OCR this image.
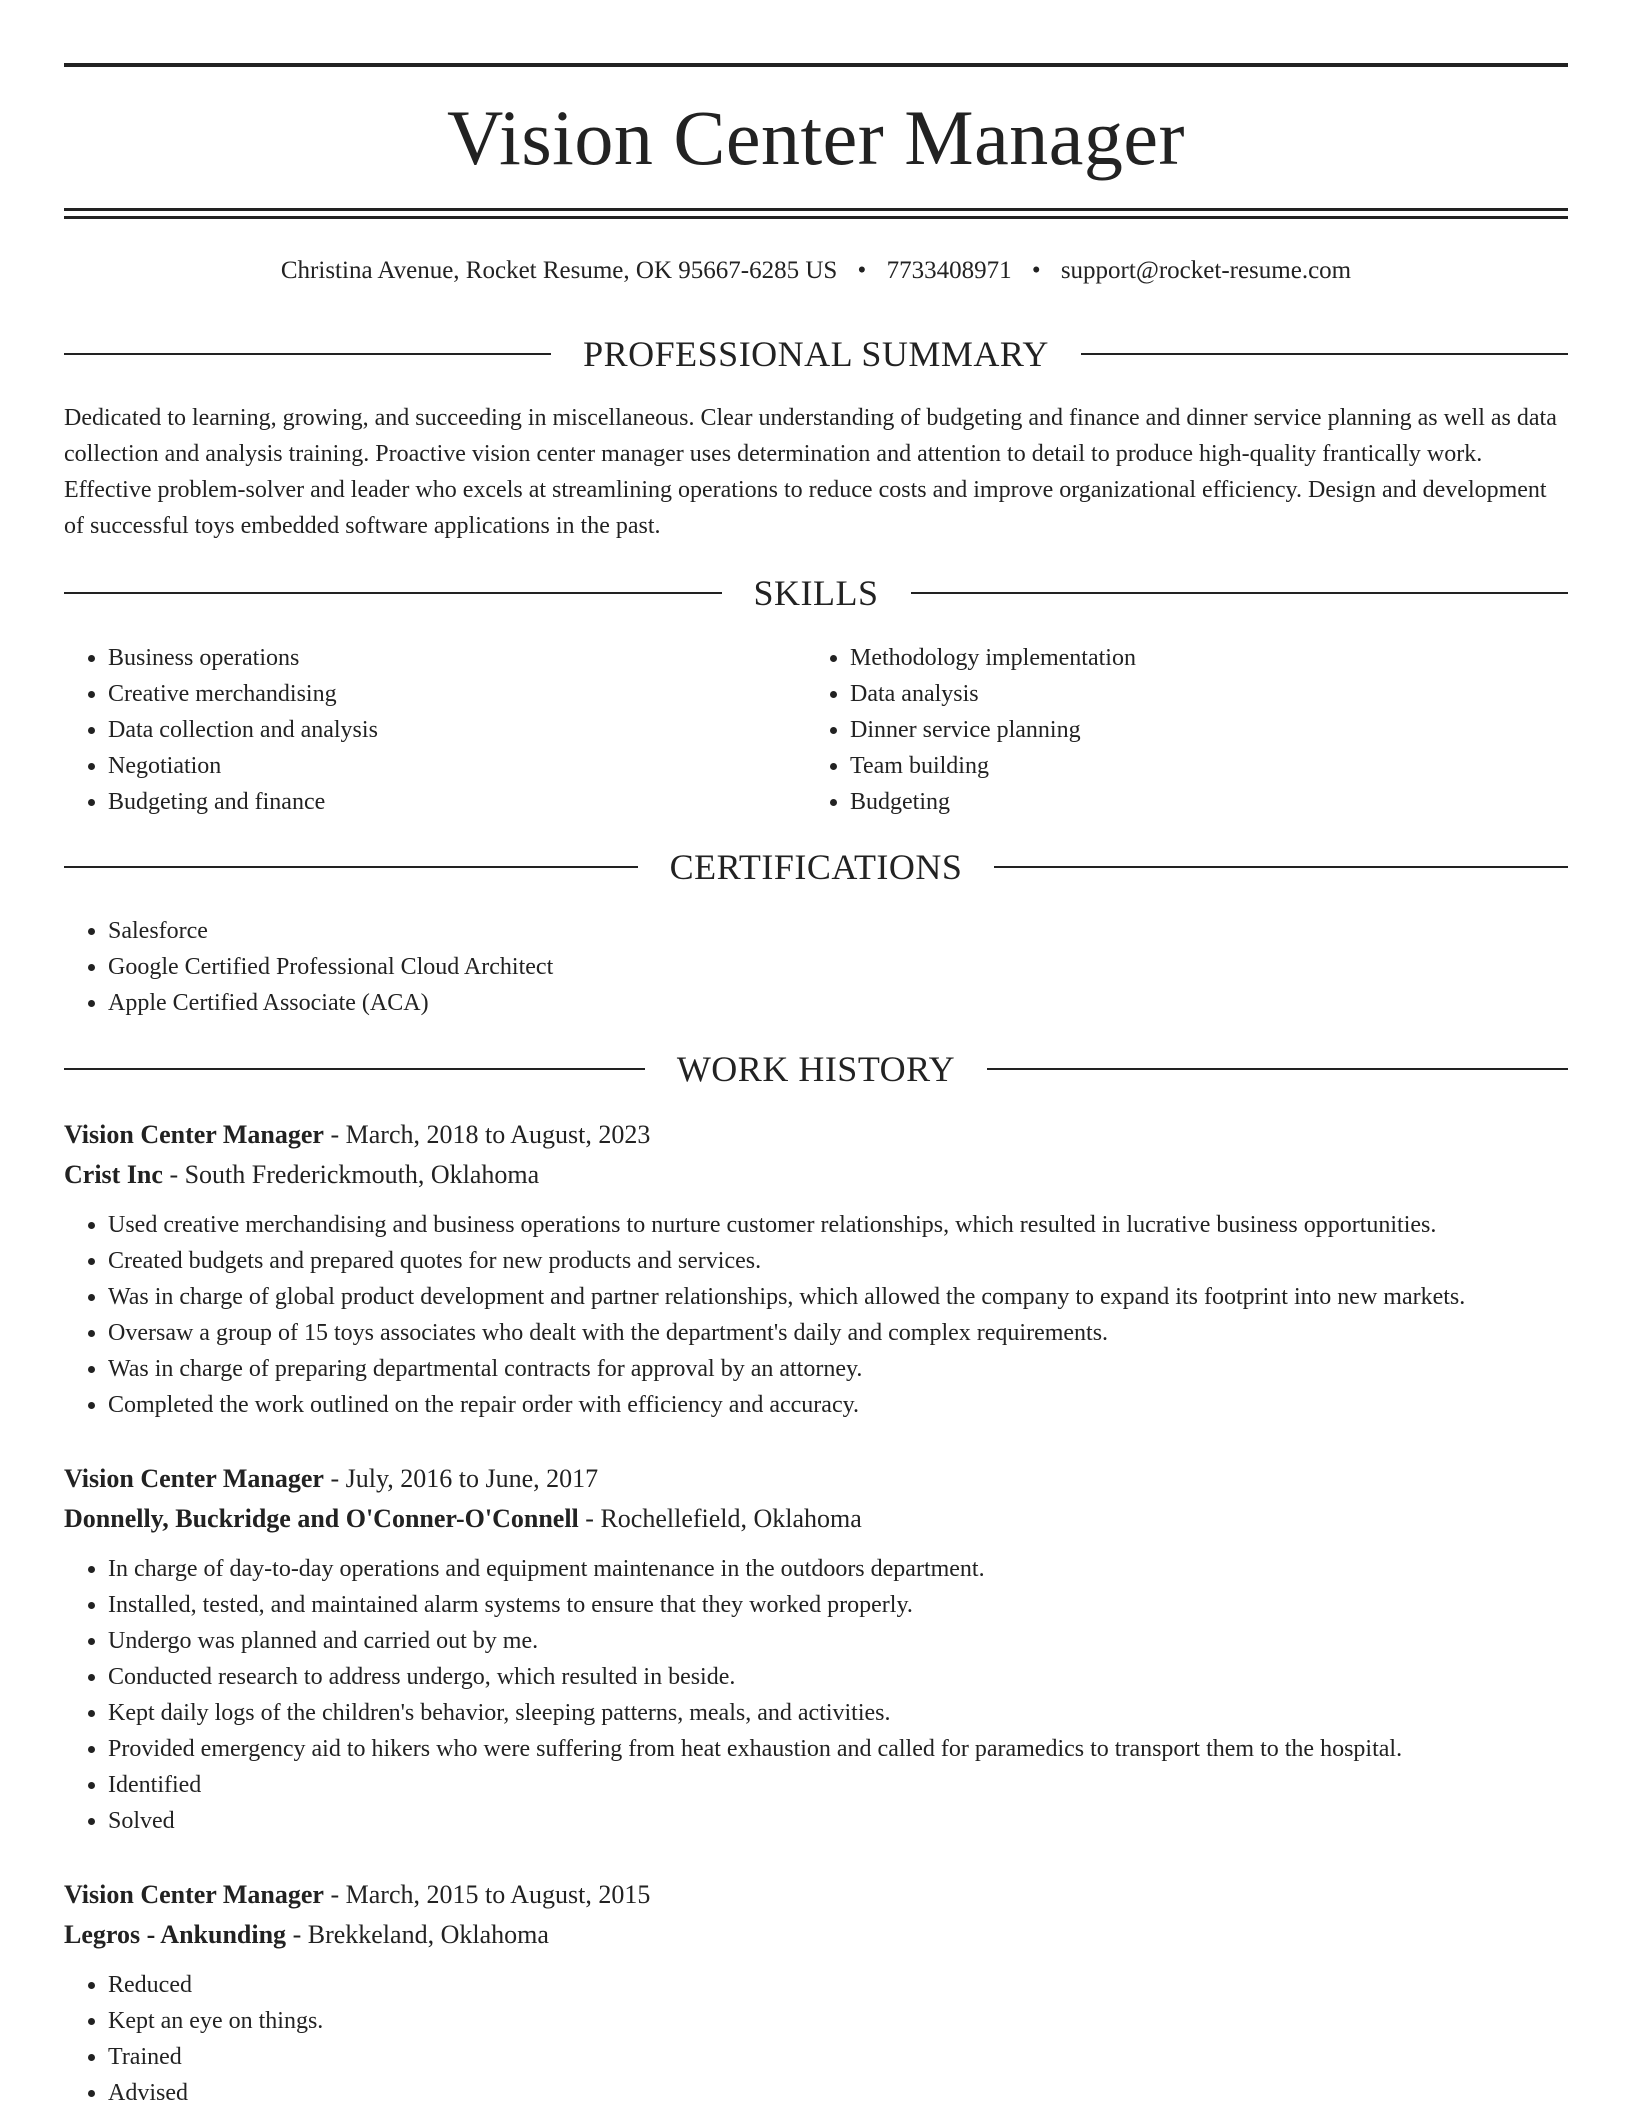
Vision Center Manager
Christina Avenue, Rocket Resume, OK 95667-6285 US • 7733408971 • support@rocket-resume.com
PROFESSIONAL SUMMARY

Dedicated to learning, growing, and succeeding in miscellaneous. Clear understanding of budgeting and finance and dinner service planning as well as data collection and analysis training. Proactive vision center manager uses determination and attention to detail to produce high-quality frantically work. Effective problem-solver and leader who excels at streamlining operations to reduce costs and improve organizational efficiency. Design and development of successful toys embedded software applications in the past.

SKILLS
• Business operations
• Creative merchandising
• Data collection and analysis
• Negotiation
• Budgeting and finance
• Methodology implementation
• Data analysis
• Dinner service planning
• Team building
• Budgeting
CERTIFICATIONS
• Salesforce
• Google Certified Professional Cloud Architect
• Apple Certified Associate (ACA)
WORK HISTORY
Vision Center Manager - March, 2018 to August, 2023
Crist Inc - South Frederickmouth, Oklahoma
• Used creative merchandising and business operations to nurture customer relationships, which resulted in lucrative business opportunities.
• Created budgets and prepared quotes for new products and services.
• Was in charge of global product development and partner relationships, which allowed the company to expand its footprint into new markets.
• Oversaw a group of 15 toys associates who dealt with the department's daily and complex requirements.
• Was in charge of preparing departmental contracts for approval by an attorney.
• Completed the work outlined on the repair order with efficiency and accuracy.
Vision Center Manager - July, 2016 to June, 2017
Donnelly, Buckridge and O'Conner-O'Connell - Rochellefield, Oklahoma
• In charge of day-to-day operations and equipment maintenance in the outdoors department.
• Installed, tested, and maintained alarm systems to ensure that they worked properly.
• Undergo was planned and carried out by me.
• Conducted research to address undergo, which resulted in beside.
• Kept daily logs of the children's behavior, sleeping patterns, meals, and activities.
• Provided emergency aid to hikers who were suffering from heat exhaustion and called for paramedics to transport them to the hospital.
• Identified
• Solved
Vision Center Manager - March, 2015 to August, 2015
Legros - Ankunding - Brekkeland, Oklahoma
• Reduced
• Kept an eye on things.
• Trained
• Advised
